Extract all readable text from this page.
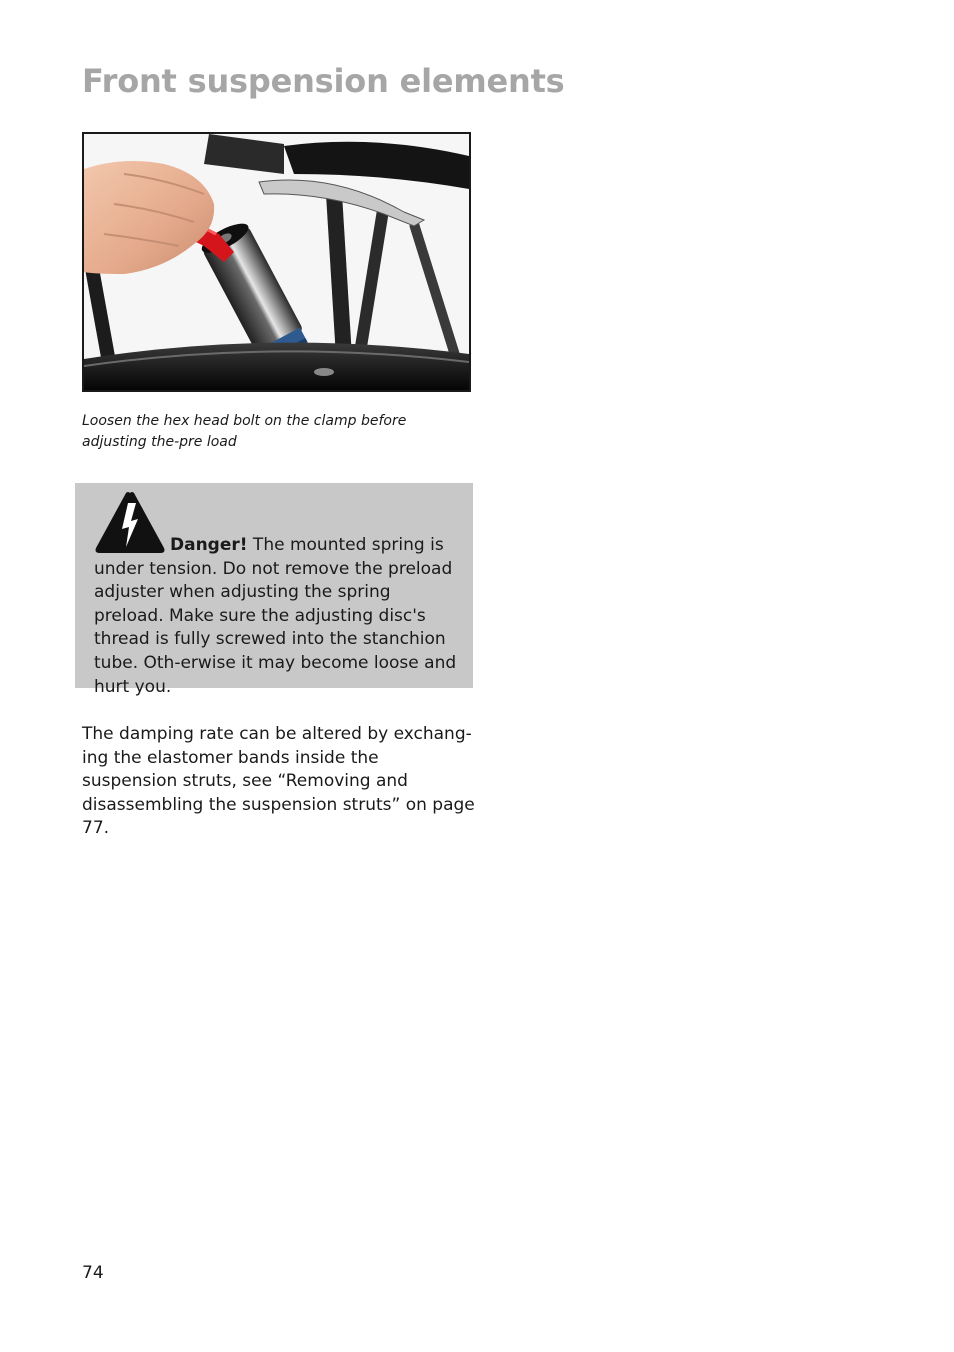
Front suspension elements

Loosen the hex head bolt on the clamp before adjusting the-pre load

Danger! The mounted spring is under tension. Do not remove the preload adjuster when adjusting the spring preload. Make sure the adjusting disc's thread is fully screwed into the stanchion tube. Oth-erwise it may become loose and hurt you.

The damping rate can be altered by exchang-ing the elastomer bands inside the suspension struts, see “Removing and disassembling the suspension struts” on page 77.

74
